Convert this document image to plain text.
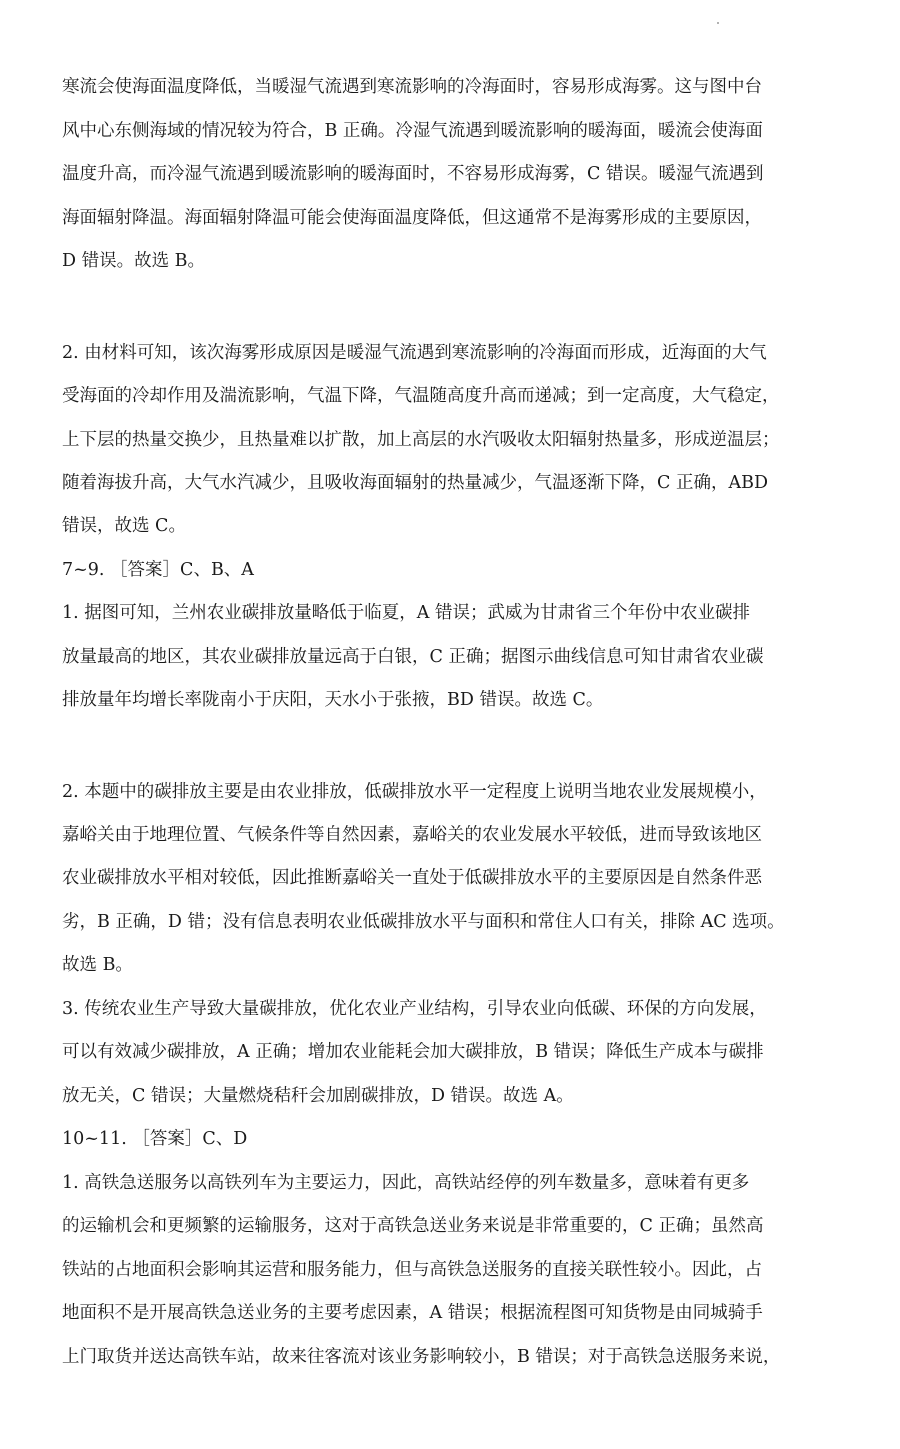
寒流会使海面温度降低，当暖湿气流遇到寒流影响的冷海面时，容易形成海雾。这与图中台
风中心东侧海域的情况较为符合，B 正确。冷湿气流遇到暖流影响的暖海面，暖流会使海面
温度升高，而冷湿气流遇到暖流影响的暖海面时，不容易形成海雾，C 错误。暖湿气流遇到
海面辐射降温。海面辐射降温可能会使海面温度降低，但这通常不是海雾形成的主要原因，
D 错误。故选 B。
2. 由材料可知，该次海雾形成原因是暖湿气流遇到寒流影响的冷海面而形成，近海面的大气
受海面的冷却作用及湍流影响，气温下降，气温随高度升高而递减；到一定高度，大气稳定，
上下层的热量交换少，且热量难以扩散，加上高层的水汽吸收太阳辐射热量多，形成逆温层；
随着海拔升高，大气水汽减少，且吸收海面辐射的热量减少，气温逐渐下降，C 正确，ABD
错误，故选 C。
7~9. ［答案］C、B、A
1. 据图可知，兰州农业碳排放量略低于临夏，A 错误；武威为甘肃省三个年份中农业碳排
放量最高的地区，其农业碳排放量远高于白银，C 正确；据图示曲线信息可知甘肃省农业碳
排放量年均增长率陇南小于庆阳，天水小于张掖，BD 错误。故选 C。
2. 本题中的碳排放主要是由农业排放，低碳排放水平一定程度上说明当地农业发展规模小，
嘉峪关由于地理位置、气候条件等自然因素，嘉峪关的农业发展水平较低，进而导致该地区
农业碳排放水平相对较低，因此推断嘉峪关一直处于低碳排放水平的主要原因是自然条件恶
劣，B 正确，D 错；没有信息表明农业低碳排放水平与面积和常住人口有关，排除 AC 选项。
故选 B。
3. 传统农业生产导致大量碳排放，优化农业产业结构，引导农业向低碳、环保的方向发展，
可以有效减少碳排放，A 正确；增加农业能耗会加大碳排放，B 错误；降低生产成本与碳排
放无关，C 错误；大量燃烧秸秆会加剧碳排放，D 错误。故选 A。
10~11. ［答案］C、D
1. 高铁急送服务以高铁列车为主要运力，因此，高铁站经停的列车数量多，意味着有更多
的运输机会和更频繁的运输服务，这对于高铁急送业务来说是非常重要的，C 正确；虽然高
铁站的占地面积会影响其运营和服务能力，但与高铁急送服务的直接关联性较小。因此，占
地面积不是开展高铁急送业务的主要考虑因素，A 错误；根据流程图可知货物是由同城骑手
上门取货并送达高铁车站，故来往客流对该业务影响较小，B 错误；对于高铁急送服务来说，
